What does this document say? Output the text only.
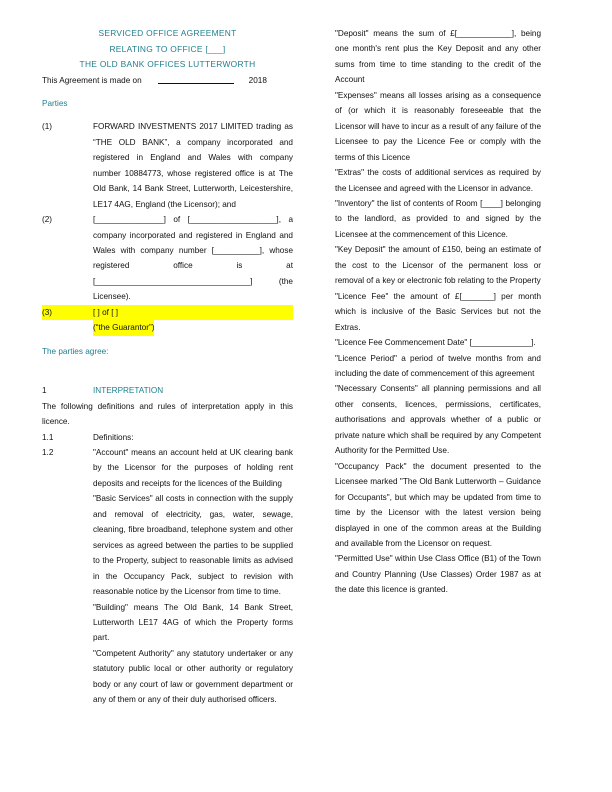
SERVICED OFFICE AGREEMENT
RELATING TO OFFICE [___]
THE OLD BANK OFFICES LUTTERWORTH
This Agreement is made on	2018
Parties
(1)	FORWARD INVESTMENTS 2017 LIMITED trading as “THE OLD BANK”, a company incorporated and registered in England and Wales with company number 10884773, whose registered office is at The Old Bank, 14 Bank Street, Lutterworth, Leicestershire, LE17 4AG, England (the Licensor); and
(2)	[_______________] of [___________________], a company incorporated and registered in England and Wales with company number [__________], whose registered office is at [__________________________________] (the Licensee).
(3)	[ ] of [ ]
(“the Guarantor”)
The parties agree:
1	INTERPRETATION
The following definitions and rules of interpretation apply in this licence.
1.1	Definitions:
1.2	"Account" means an account held at UK clearing bank by the Licensor for the purposes of holding rent deposits and receipts for the licences of the Building

"Basic Services" all costs in connection with the supply and removal of electricity, gas, water, sewage, cleaning, fibre broadband, telephone system and other services as agreed between the parties to be supplied to the Property, subject to reasonable limits as advised in the Occupancy Pack, subject to revision with reasonable notice by the Licensor from time to time.

"Building" means The Old Bank, 14 Bank Street, Lutterworth LE17 4AG of which the Property forms part.

"Competent Authority" any statutory undertaker or any statutory public local or other authority or regulatory body or any court of law or government department or any of them or any of their duly authorised officers.

"Deposit" means the sum of £[____________], being one month's rent plus the Key Deposit and any other sums from time to time standing to the credit of the Account

"Expenses" means all losses arising as a consequence of (or which it is reasonably foreseeable that the Licensor will have to incur as a result of any failure of the Licensee to pay the Licence Fee or comply with the terms of this Licence

"Extras" the costs of additional services as required by the Licensee and agreed with the Licensor in advance.

"Inventory" the list of contents of Room [____] belonging to the landlord, as provided to and signed by the Licensee at the commencement of this Licence.

"Key Deposit" the amount of £150, being an estimate of the cost to the Licensor of the permanent loss or removal of a key or electronic fob relating to the Property

"Licence Fee" the amount of £[_______] per month which is inclusive of the Basic Services but not the Extras.

"Licence Fee Commencement Date" [_____________].

"Licence Period" a period of twelve months from and including the date of commencement of this agreement

"Necessary Consents" all planning permissions and all other consents, licences, permissions, certificates, authorisations and approvals whether of a public or private nature which shall be required by any Competent Authority for the Permitted Use.

"Occupancy Pack" the document presented to the Licensee marked "The Old Bank Lutterworth – Guidance for Occupants", but which may be updated from time to time by the Licensor with the latest version being displayed in one of the common areas at the Building and available from the Licensor on request.

"Permitted Use" within Use Class Office (B1) of the Town and Country Planning (Use Classes) Order 1987 as at the date this licence is granted.
